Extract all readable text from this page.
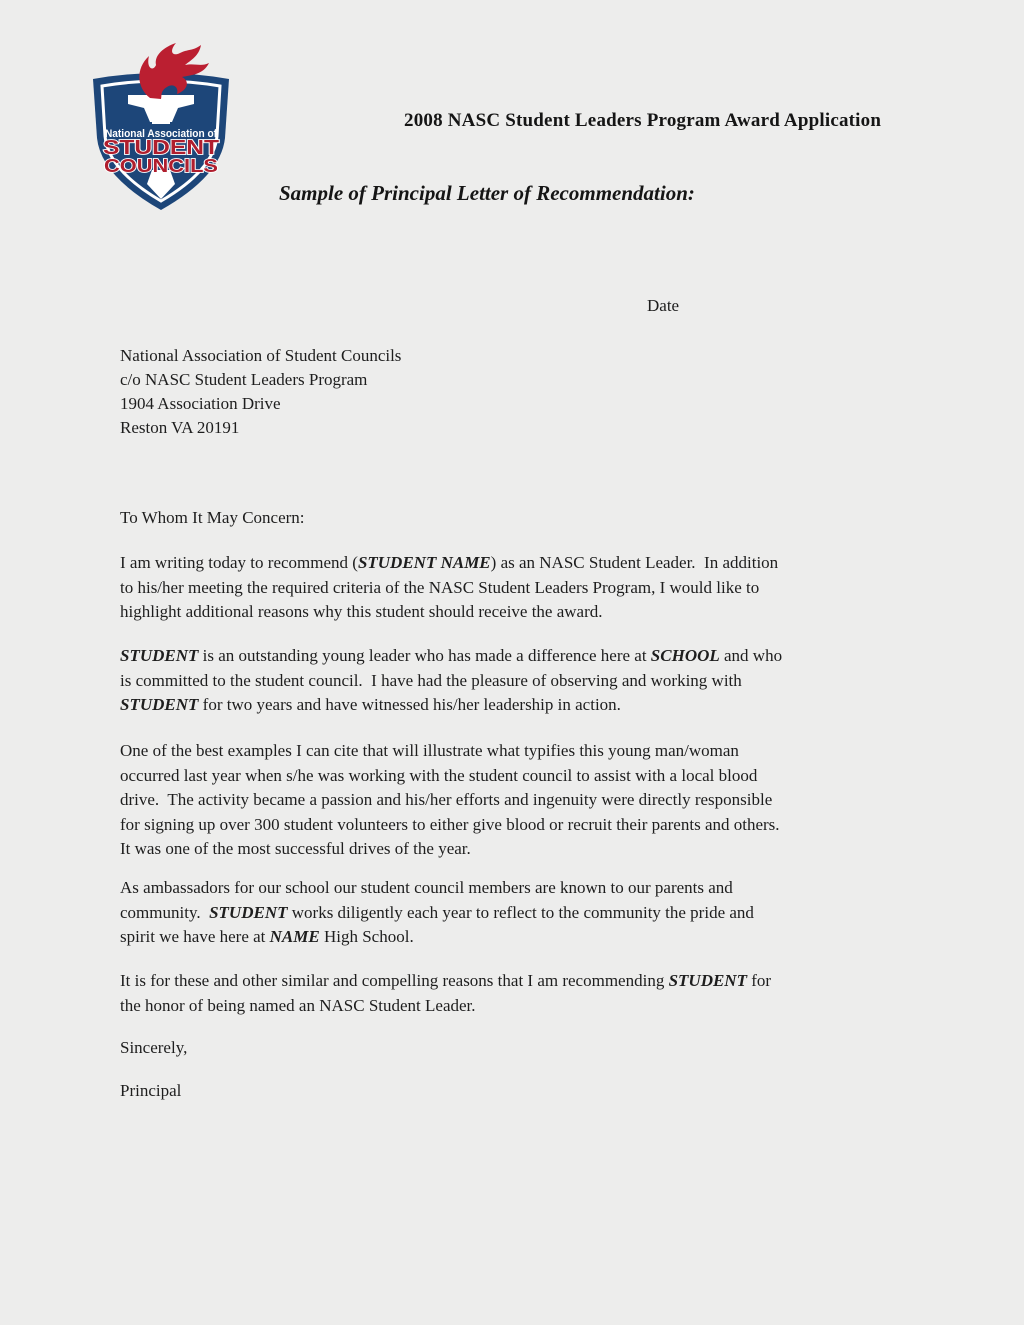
National Association of
STUDENT
COUNCILS
2008 NASC Student Leaders Program Award Application
Sample of Principal Letter of Recommendation:
Date
National Association of Student Councils
c/o NASC Student Leaders Program
1904 Association Drive
Reston VA 20191
To Whom It May Concern:
I am writing today to recommend (STUDENT NAME) as an NASC Student Leader.  In addition
to his/her meeting the required criteria of the NASC Student Leaders Program, I would like to
highlight additional reasons why this student should receive the award.
STUDENT is an outstanding young leader who has made a difference here at SCHOOL and who
is committed to the student council.  I have had the pleasure of observing and working with
STUDENT for two years and have witnessed his/her leadership in action.
One of the best examples I can cite that will illustrate what typifies this young man/woman
occurred last year when s/he was working with the student council to assist with a local blood
drive.  The activity became a passion and his/her efforts and ingenuity were directly responsible
for signing up over 300 student volunteers to either give blood or recruit their parents and others.
It was one of the most successful drives of the year.
As ambassadors for our school our student council members are known to our parents and
community.  STUDENT works diligently each year to reflect to the community the pride and
spirit we have here at NAME High School.
It is for these and other similar and compelling reasons that I am recommending STUDENT for
the honor of being named an NASC Student Leader.
Sincerely,
Principal
